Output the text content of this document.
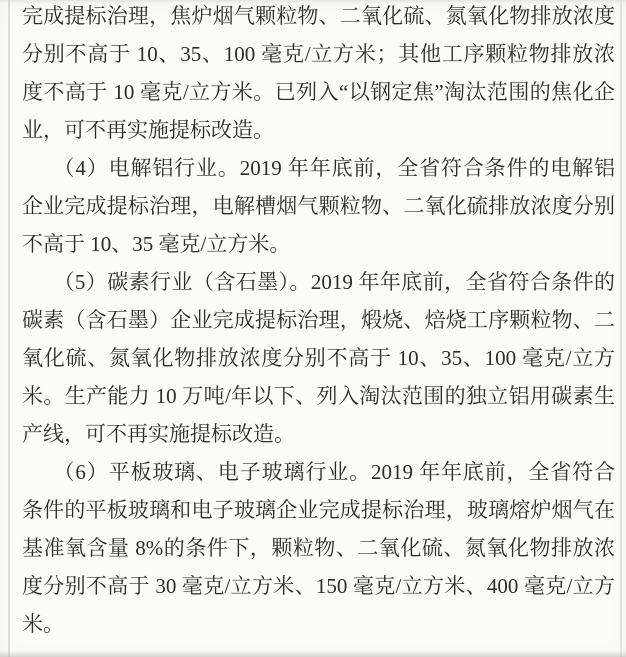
完成提标治理，焦炉烟气颗粒物、二氧化硫、氮氧化物排放浓度分别不高于 10、35、100 毫克/立方米；其他工序颗粒物排放浓度不高于 10 毫克/立方米。已列入“以钢定焦”淘汰范围的焦化企业，可不再实施提标改造。

（4）电解铝行业。2019 年年底前，全省符合条件的电解铝企业完成提标治理，电解槽烟气颗粒物、二氧化硫排放浓度分别不高于 10、35 毫克/立方米。

（5）碳素行业（含石墨）。2019 年年底前，全省符合条件的碳素（含石墨）企业完成提标治理，煅烧、焙烧工序颗粒物、二氧化硫、氮氧化物排放浓度分别不高于 10、35、100 毫克/立方米。生产能力 10 万吨/年以下、列入淘汰范围的独立铝用碳素生产线，可不再实施提标改造。

（6）平板玻璃、电子玻璃行业。2019 年年底前，全省符合条件的平板玻璃和电子玻璃企业完成提标治理，玻璃熔炉烟气在基准氧含量 8%的条件下，颗粒物、二氧化硫、氮氧化物排放浓度分别不高于 30 毫克/立方米、150 毫克/立方米、400 毫克/立方米。
